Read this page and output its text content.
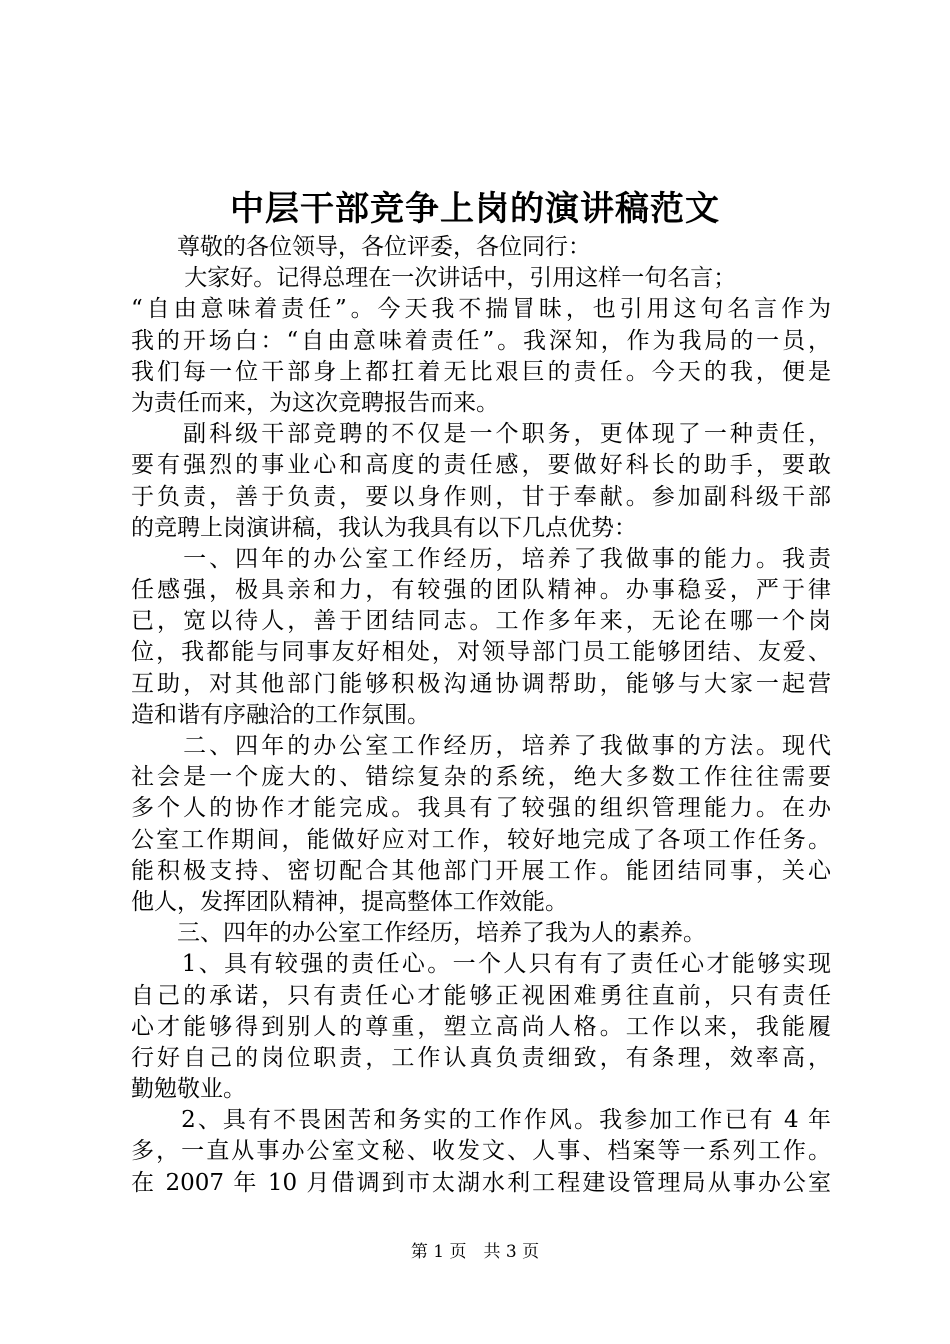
中层干部竞争上岗的演讲稿范文
　　尊敬的各位领导，各位评委，各位同行：
　　 大家好。记得总理在一次讲话中，引用这样一句名言；
“自由意味着责任”。今天我不揣冒昧，也引用这句名言作为
我的开场白：“自由意味着责任”。我深知，作为我局的一员，
我们每一位干部身上都扛着无比艰巨的责任。今天的我，便是
为责任而来，为这次竞聘报告而来。
　　副科级干部竞聘的不仅是一个职务，更体现了一种责任，
要有强烈的事业心和高度的责任感，要做好科长的助手，要敢
于负责，善于负责，要以身作则，甘于奉献。参加副科级干部
的竞聘上岗演讲稿，我认为我具有以下几点优势：
　　一、四年的办公室工作经历，培养了我做事的能力。我责
任感强，极具亲和力，有较强的团队精神。办事稳妥，严于律
已，宽以待人，善于团结同志。工作多年来，无论在哪一个岗
位，我都能与同事友好相处，对领导部门员工能够团结、友爱、
互助，对其他部门能够积极沟通协调帮助，能够与大家一起营
造和谐有序融洽的工作氛围。
　　二、四年的办公室工作经历，培养了我做事的方法。现代
社会是一个庞大的、错综复杂的系统，绝大多数工作往往需要
多个人的协作才能完成。我具有了较强的组织管理能力。在办
公室工作期间，能做好应对工作，较好地完成了各项工作任务。
能积极支持、密切配合其他部门开展工作。能团结同事，关心
他人，发挥团队精神，提高整体工作效能。
　　三、四年的办公室工作经历，培养了我为人的素养。
　　1、具有较强的责任心。一个人只有有了责任心才能够实现
自己的承诺，只有责任心才能够正视困难勇往直前，只有责任
心才能够得到别人的尊重，塑立高尚人格。工作以来，我能履
行好自己的岗位职责，工作认真负责细致，有条理，效率高，
勤勉敬业。
　　2、具有不畏困苦和务实的工作作风。我参加工作已有 4 年
多，一直从事办公室文秘、收发文、人事、档案等一系列工作。
在 2007 年 10 月借调到市太湖水利工程建设管理局从事办公室
第 1 页　共 3 页
